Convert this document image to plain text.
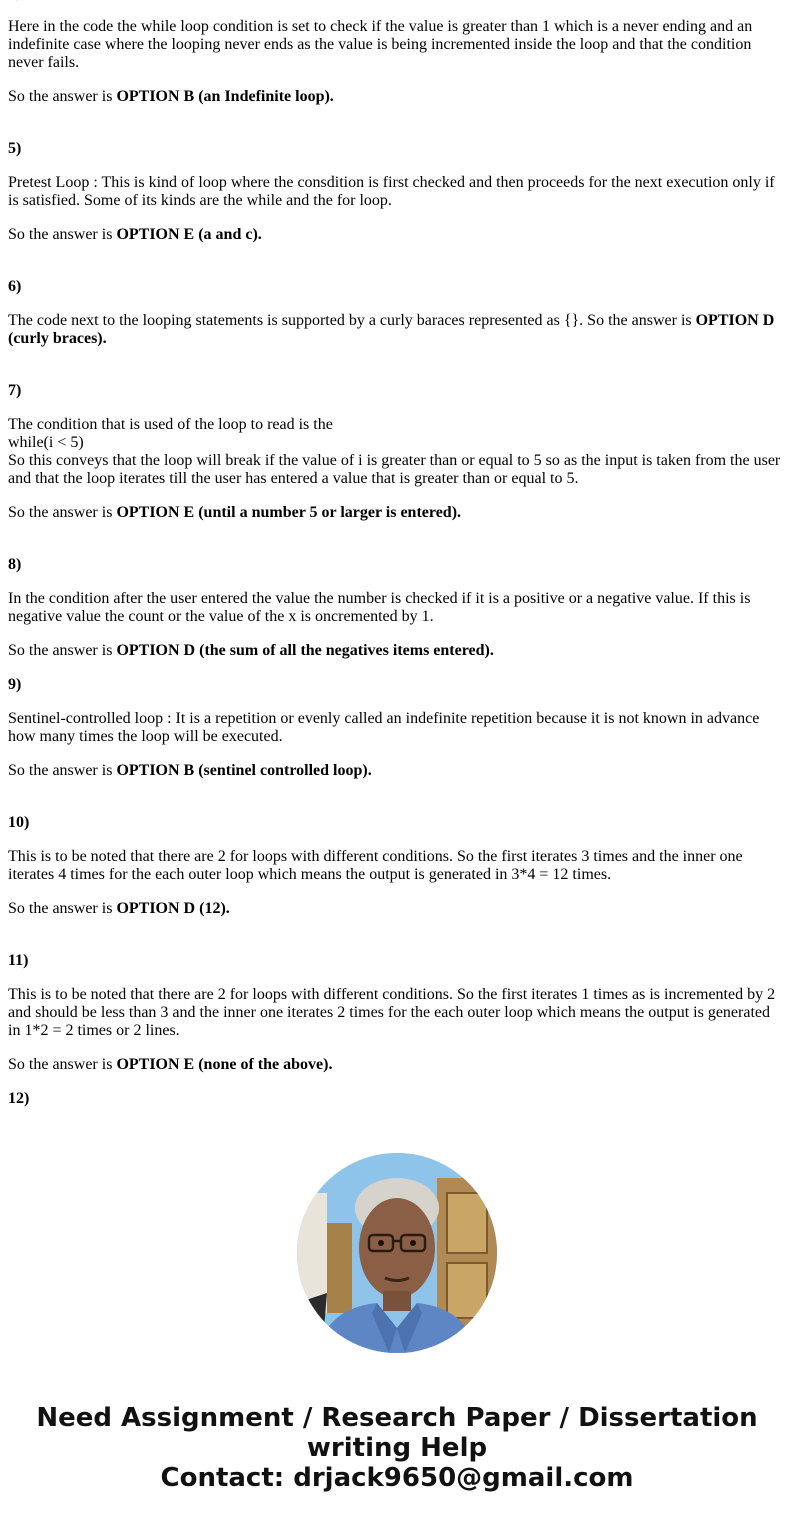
Here in the code the while loop condition is set to check if the value is greater than 1 which is a never ending and an indefinite case where the looping never ends as the value is being incremented inside the loop and that the condition never fails.

So the answer is OPTION B (an Indefinite loop).

5)

Pretest Loop : This is kind of loop where the consdition is first checked and then proceeds for the next execution only if is satisfied. Some of its kinds are the while and the for loop.

So the answer is OPTION E (a and c).

6)

The code next to the looping statements is supported by a curly baraces represented as {}. So the answer is OPTION D (curly braces).

7)

The condition that is used of the loop to read is the

while(i < 5)

So this conveys that the loop will break if the value of i is greater than or equal to 5 so as the input is taken from the user and that the loop iterates till the user has entered a value that is greater than or equal to 5.

So the answer is OPTION E (until a number 5 or larger is entered).

8)

In the condition after the user entered the value the number is checked if it is a positive or a negative value. If this is negative value the count or the value of the x is oncremented by 1.

So the answer is OPTION D (the sum of all the negatives items entered).

9)

Sentinel-controlled loop : It is a repetition or evenly called an indefinite repetition because it is not known in advance how many times the loop will be executed.

So the answer is OPTION B (sentinel controlled loop).

10)

This is to be noted that there are 2 for loops with different conditions. So the first iterates 3 times and the inner one iterates 4 times for the each outer loop which means the output is generated in 3*4 = 12 times.

So the answer is OPTION D (12).

11)

This is to be noted that there are 2 for loops with different conditions. So the first iterates 1 times as is incremented by 2 and should be less than 3 and the inner one iterates 2 times for the each outer loop which means the output is generated in 1*2 = 2 times or 2 lines.

So the answer is OPTION E (none of the above).

12)

Need Assignment / Research Paper / Dissertation
writing Help
Contact: drjack9650@gmail.com
